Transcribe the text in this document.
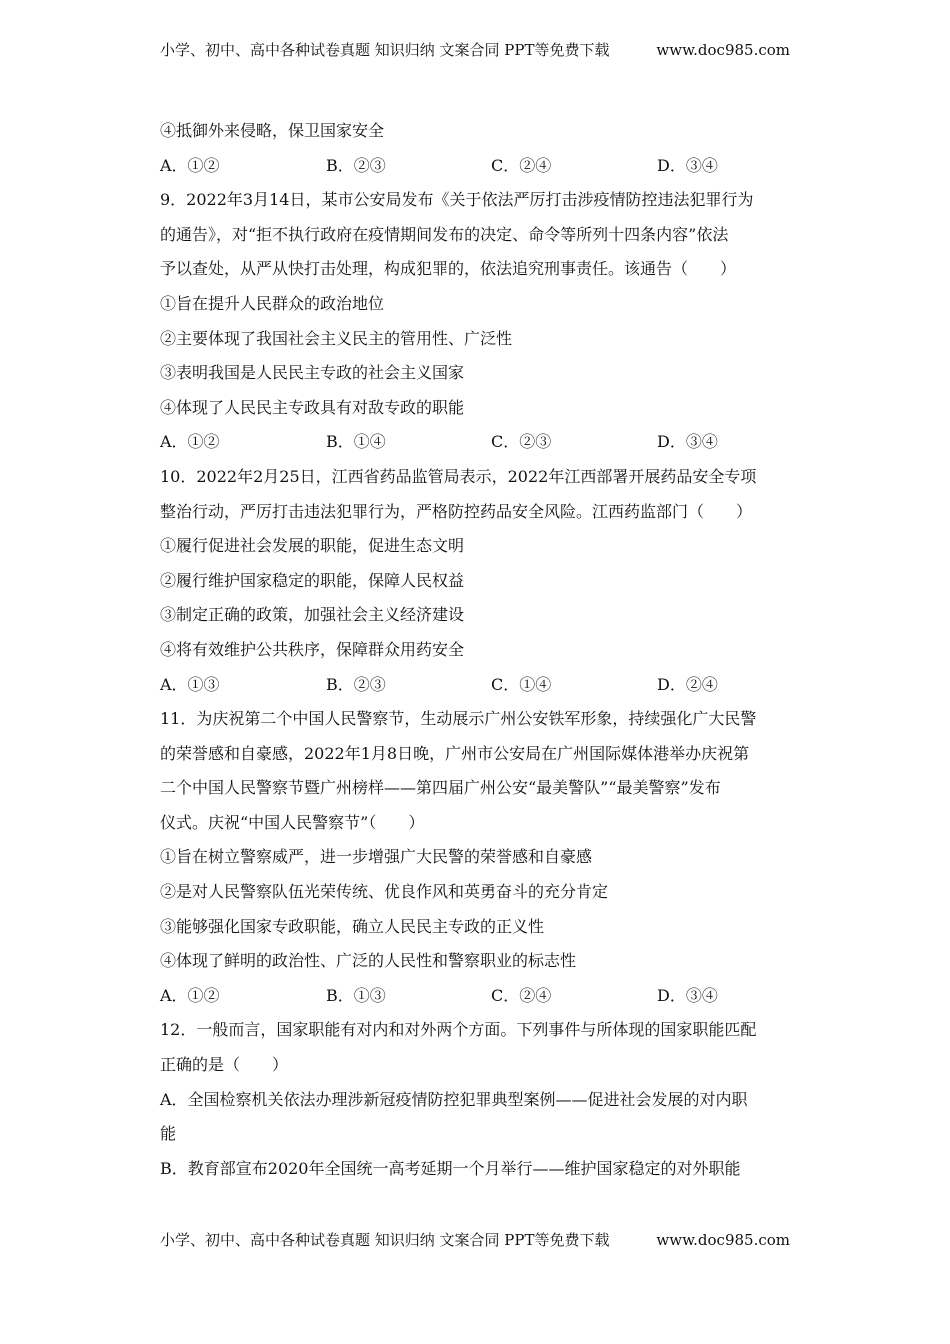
小学、初中、高中各种试卷真题 知识归纳 文案合同 PPT等免费下载	www.doc985.com
④抵御外来侵略，保卫国家安全
A．①②	B．②③	C．②④	D．③④
9．2022年3月14日，某市公安局发布《关于依法严厉打击涉疫情防控违法犯罪行为
的通告》，对“拒不执行政府在疫情期间发布的决定、命令等所列十四条内容”依法
予以查处，从严从快打击处理，构成犯罪的，依法追究刑事责任。该通告（　　）
①旨在提升人民群众的政治地位
②主要体现了我国社会主义民主的管用性、广泛性
③表明我国是人民民主专政的社会主义国家
④体现了人民民主专政具有对敌专政的职能
A．①②	B．①④	C．②③	D．③④
10．2022年2月25日，江西省药品监管局表示，2022年江西部署开展药品安全专项
整治行动，严厉打击违法犯罪行为，严格防控药品安全风险。江西药监部门（　　）
①履行促进社会发展的职能，促进生态文明
②履行维护国家稳定的职能，保障人民权益
③制定正确的政策，加强社会主义经济建设
④将有效维护公共秩序，保障群众用药安全
A．①③	B．②③	C．①④	D．②④
11．为庆祝第二个中国人民警察节，生动展示广州公安铁军形象，持续强化广大民警
的荣誉感和自豪感，2022年1月8日晚，广州市公安局在广州国际媒体港举办庆祝第
二个中国人民警察节暨广州榜样——第四届广州公安“最美警队”“最美警察”发布
仪式。庆祝“中国人民警察节”（　　）
①旨在树立警察威严，进一步增强广大民警的荣誉感和自豪感
②是对人民警察队伍光荣传统、优良作风和英勇奋斗的充分肯定
③能够强化国家专政职能，确立人民民主专政的正义性
④体现了鲜明的政治性、广泛的人民性和警察职业的标志性
A．①②	B．①③	C．②④	D．③④
12．一般而言，国家职能有对内和对外两个方面。下列事件与所体现的国家职能匹配
正确的是（　　）
A．全国检察机关依法办理涉新冠疫情防控犯罪典型案例——促进社会发展的对内职
能
B．教育部宣布2020年全国统一高考延期一个月举行——维护国家稳定的对外职能
小学、初中、高中各种试卷真题 知识归纳 文案合同 PPT等免费下载	www.doc985.com
